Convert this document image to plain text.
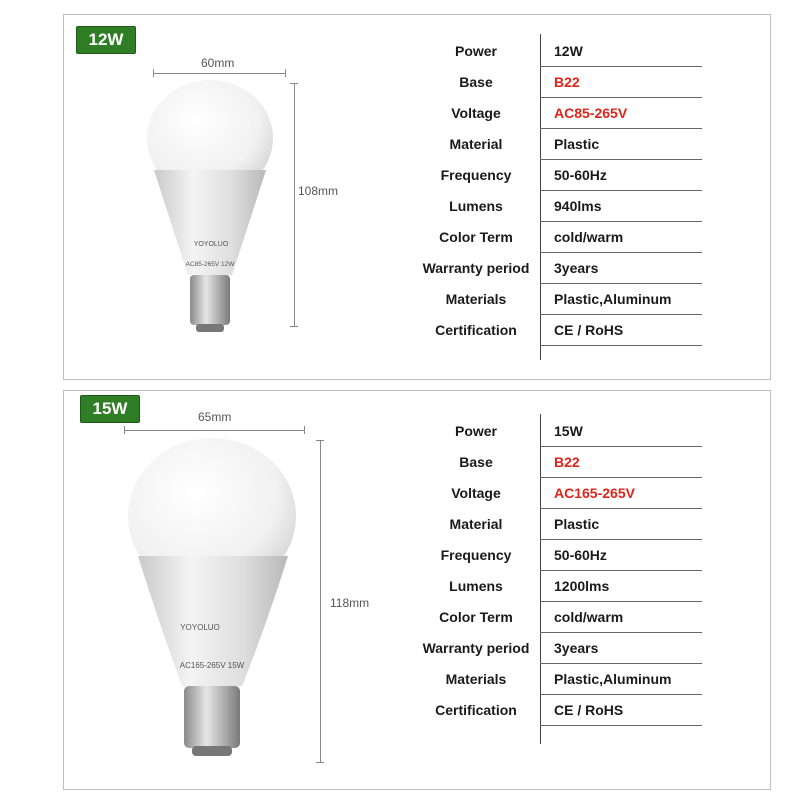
12W
60mm
108mm
YOYOLUO
AC85-265V 12W
Power	12W
Base	B22
Voltage	AC85-265V
Material	Plastic
Frequency	50-60Hz
Lumens	940lms
Color Term	cold/warm
Warranty period	3years
Materials	Plastic,Aluminum
Certification	CE / RoHS
15W	65mm
118mm
YOYOLUO
AC165-265V 15W
Power	15W
Base	B22
Voltage	AC165-265V
Material	Plastic
Frequency	50-60Hz
Lumens	1200lms
Color Term	cold/warm
Warranty period	3years
Materials	Plastic,Aluminum
Certification	CE / RoHS
